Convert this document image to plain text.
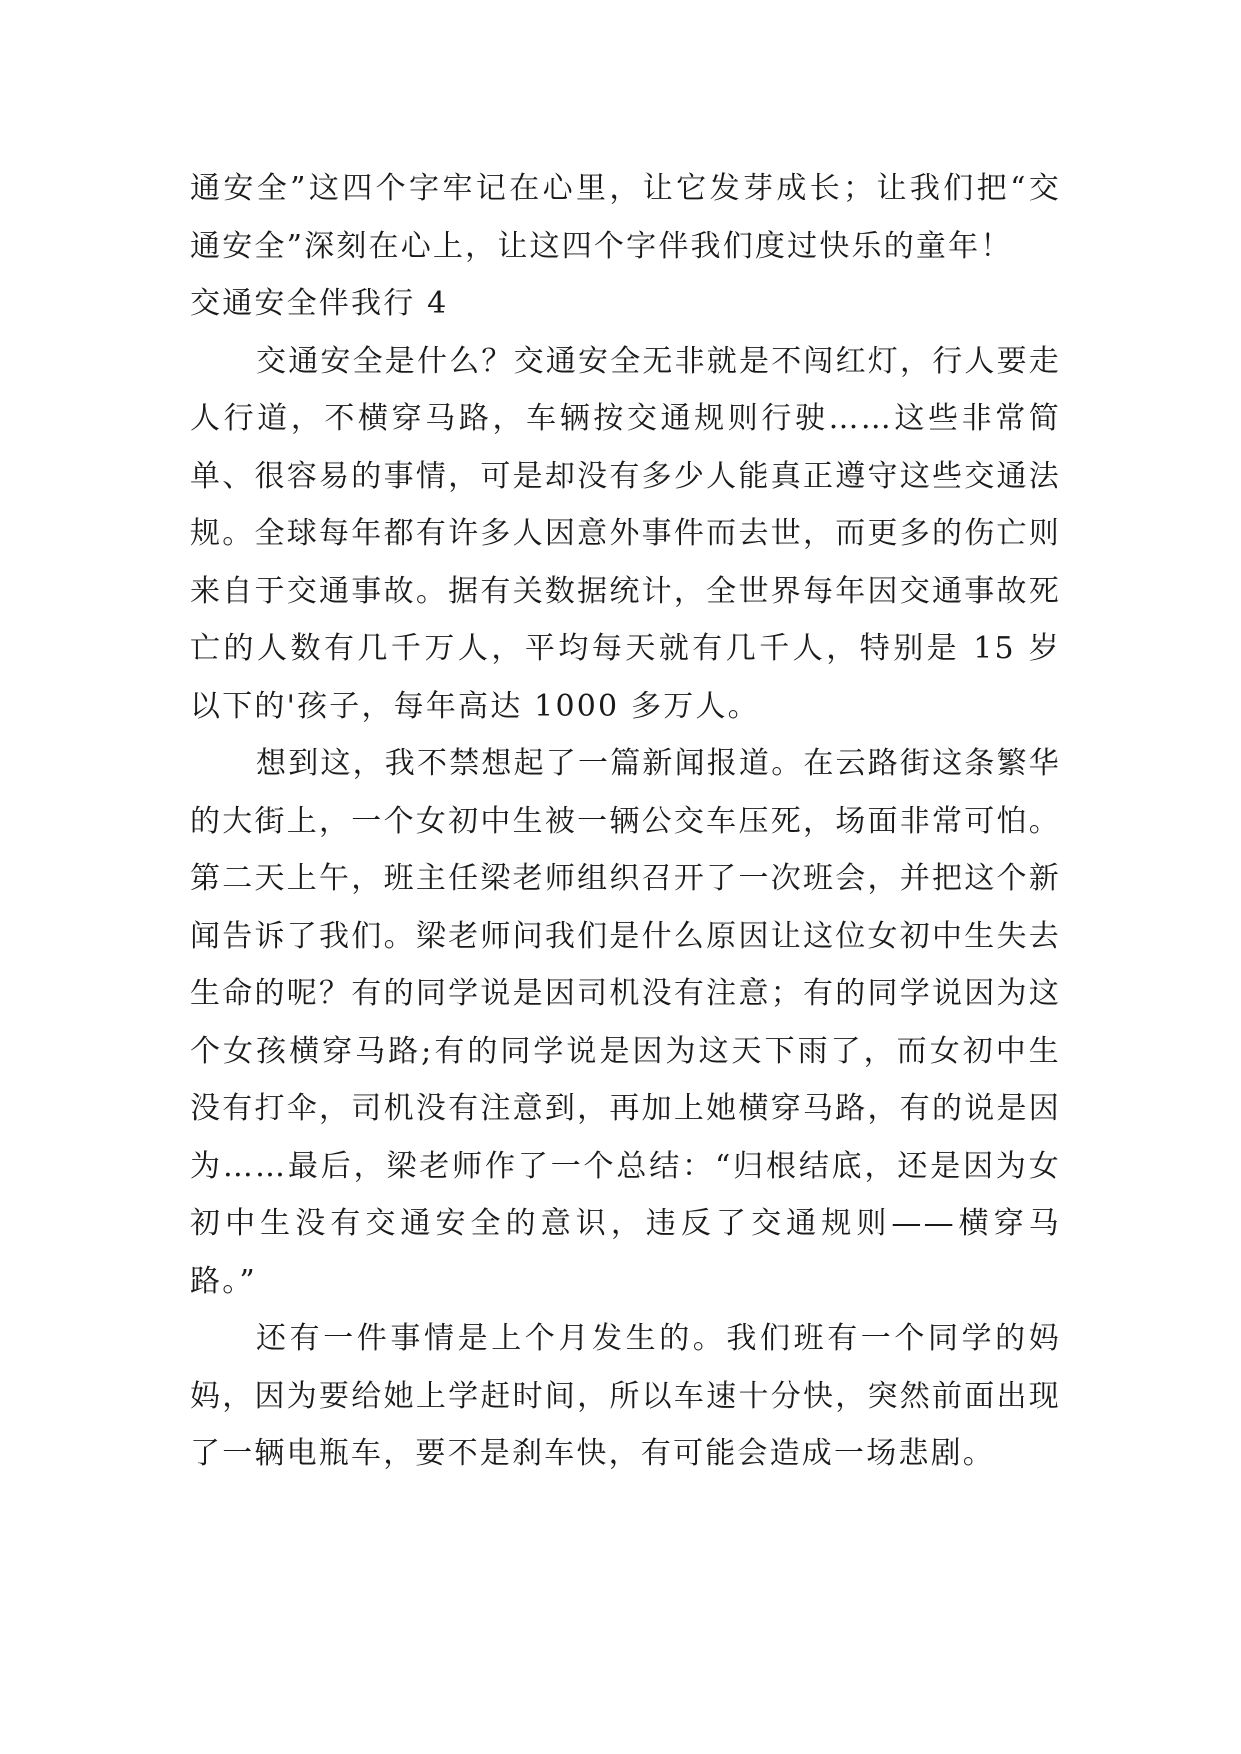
通安全”这四个字牢记在心里，让它发芽成长；让我们把“交通安全”深刻在心上，让这四个字伴我们度过快乐的童年！

交通安全伴我行 4

交通安全是什么？交通安全无非就是不闯红灯，行人要走人行道，不横穿马路，车辆按交通规则行驶……这些非常简单、很容易的事情，可是却没有多少人能真正遵守这些交通法规。全球每年都有许多人因意外事件而去世，而更多的伤亡则来自于交通事故。据有关数据统计，全世界每年因交通事故死亡的人数有几千万人，平均每天就有几千人，特别是 15 岁以下的'孩子，每年高达 1000 多万人。

想到这，我不禁想起了一篇新闻报道。在云路街这条繁华的大街上，一个女初中生被一辆公交车压死，场面非常可怕。第二天上午，班主任梁老师组织召开了一次班会，并把这个新闻告诉了我们。梁老师问我们是什么原因让这位女初中生失去生命的呢？有的同学说是因司机没有注意；有的同学说因为这个女孩横穿马路;有的同学说是因为这天下雨了，而女初中生没有打伞，司机没有注意到，再加上她横穿马路，有的说是因为……最后，梁老师作了一个总结：“归根结底，还是因为女初中生没有交通安全的意识，违反了交通规则——横穿马路。”

还有一件事情是上个月发生的。我们班有一个同学的妈妈，因为要给她上学赶时间，所以车速十分快，突然前面出现了一辆电瓶车，要不是刹车快，有可能会造成一场悲剧。
